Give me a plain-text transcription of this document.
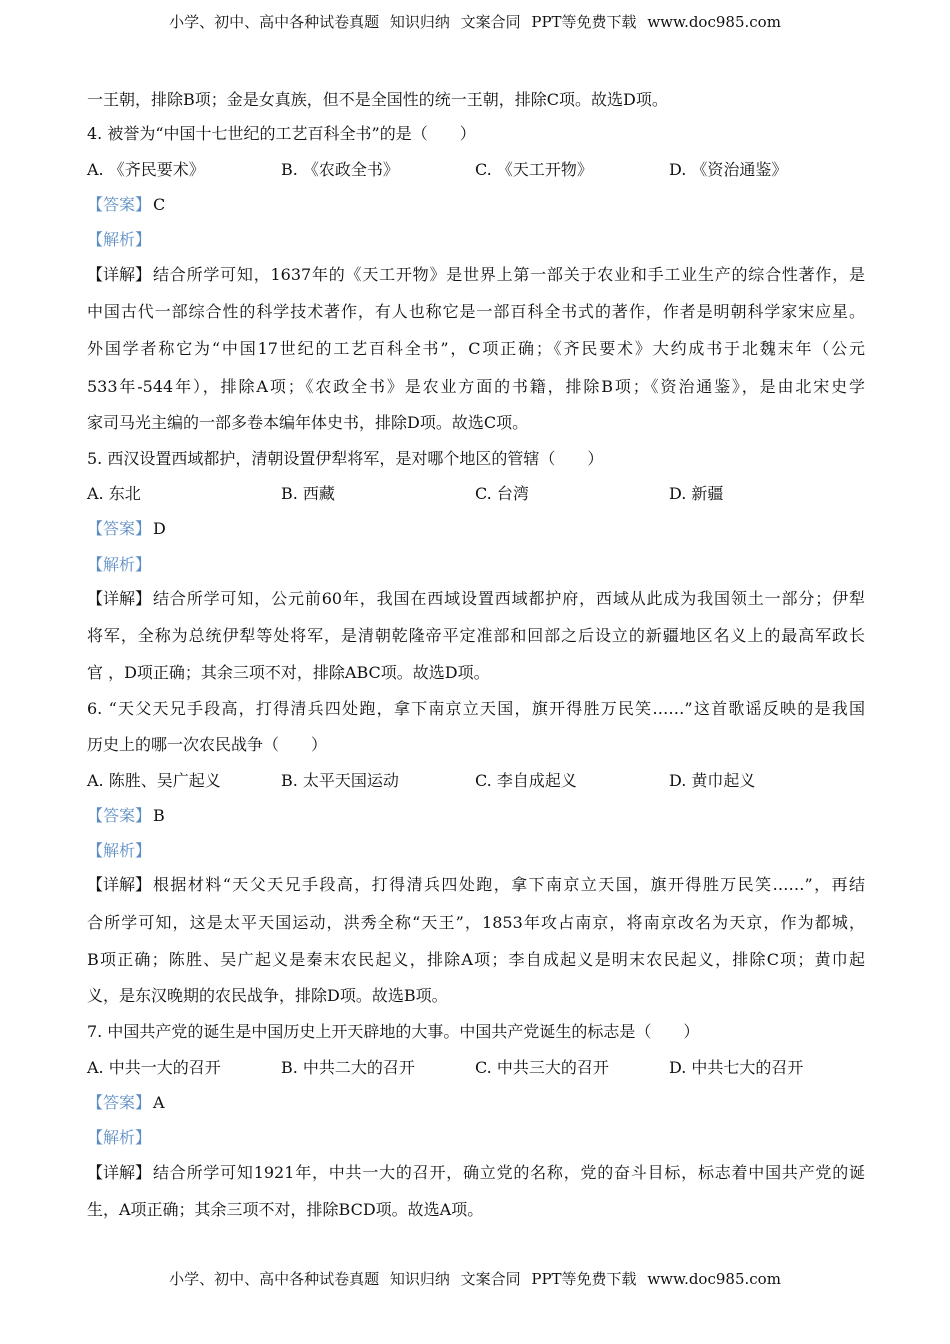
小学、初中、高中各种试卷真题 知识归纳 文案合同 PPT等免费下载 www.doc985.com
一王朝，排除B项；金是女真族，但不是全国性的统一王朝，排除C项。故选D项。
4. 被誉为“中国十七世纪的工艺百科全书”的是（　　）
A. 《齐民要术》	B. 《农政全书》	C. 《天工开物》	D. 《资治通鉴》
【答案】 C
【解析】
【详解】 结合所学可知，1637年的《天工开物》是世界上第一部关于农业和手工业生产的综合性著作，是
中国古代一部综合性的科学技术著作，有人也称它是一部百科全书式的著作，作者是明朝科学家宋应星。
外国学者称它为“中国17世纪的工艺百科全书”，C项正确；《齐民要术》大约成书于北魏末年（公元
533年-544年），排除A项；《农政全书》是农业方面的书籍，排除B项；《资治通鉴》，是由北宋史学
家司马光主编的一部多卷本编年体史书，排除D项。故选C项。
5. 西汉设置西域都护，清朝设置伊犁将军，是对哪个地区的管辖（　　）
A. 东北	B. 西藏	C. 台湾	D. 新疆
【答案】 D
【解析】
【详解】 结合所学可知，公元前60年，我国在西域设置西域都护府，西域从此成为我国领土一部分；伊犁
将军，全称为总统伊犁等处将军，是清朝乾隆帝平定准部和回部之后设立的新疆地区名义上的最高军政长
官 ，D项正确；其余三项不对，排除ABC项。故选D项。
6. “天父天兄手段高，打得清兵四处跑，拿下南京立天国，旗开得胜万民笑……”这首歌谣反映的是我国
历史上的哪一次农民战争（　　）
A. 陈胜、吴广起义	B. 太平天国运动	C. 李自成起义	D. 黄巾起义
【答案】 B
【解析】
【详解】 根据材料“天父天兄手段高，打得清兵四处跑，拿下南京立天国，旗开得胜万民笑……”，再结
合所学可知，这是太平天国运动，洪秀全称“天王”，1853年攻占南京，将南京改名为天京，作为都城，
B项正确；陈胜、吴广起义是秦末农民起义，排除A项；李自成起义是明末农民起义，排除C项；黄巾起
义，是东汉晚期的农民战争，排除D项。故选B项。
7. 中国共产党的诞生是中国历史上开天辟地的大事。中国共产党诞生的标志是（　　）
A. 中共一大的召开	B. 中共二大的召开	C. 中共三大的召开	D. 中共七大的召开
【答案】 A
【解析】
【详解】 结合所学可知1921年，中共一大的召开，确立党的名称，党的奋斗目标，标志着中国共产党的诞
生，A项正确；其余三项不对，排除BCD项。故选A项。
小学、初中、高中各种试卷真题 知识归纳 文案合同 PPT等免费下载 www.doc985.com
